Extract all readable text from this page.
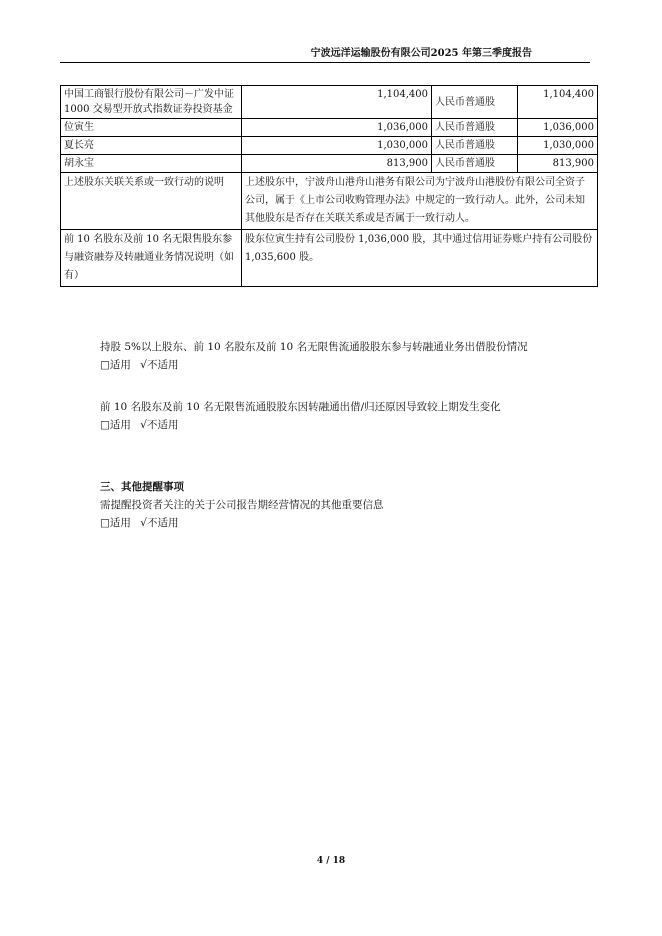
宁波远洋运输股份有限公司2025 年第三季度报告
中国工商银行股份有限公司－广发中证 1000 交易型开放式指数证券投资基金	1,104,400	人民币普通股	1,104,400
位寅生	1,036,000	人民币普通股	1,036,000
夏长亮	1,030,000	人民币普通股	1,030,000
胡永宝	813,900	人民币普通股	813,900
上述股东关联关系或一致行动的说明	上述股东中，宁波舟山港舟山港务有限公司为宁波舟山港股份有限公司全资子公司，属于《上市公司收购管理办法》中规定的一致行动人。此外，公司未知其他股东是否存在关联关系或是否属于一致行动人。		
前 10 名股东及前 10 名无限售股东参与融资融券及转融通业务情况说明（如有）	股东位寅生持有公司股份 1,036,000 股，其中通过信用证券账户持有公司股份 1,035,600 股。		
持股 5%以上股东、前 10 名股东及前 10 名无限售流通股股东参与转融通业务出借股份情况
□适用 √不适用
前 10 名股东及前 10 名无限售流通股股东因转融通出借/归还原因导致较上期发生变化
□适用 √不适用
三、其他提醒事项
需提醒投资者关注的关于公司报告期经营情况的其他重要信息
□适用 √不适用
4 / 18
